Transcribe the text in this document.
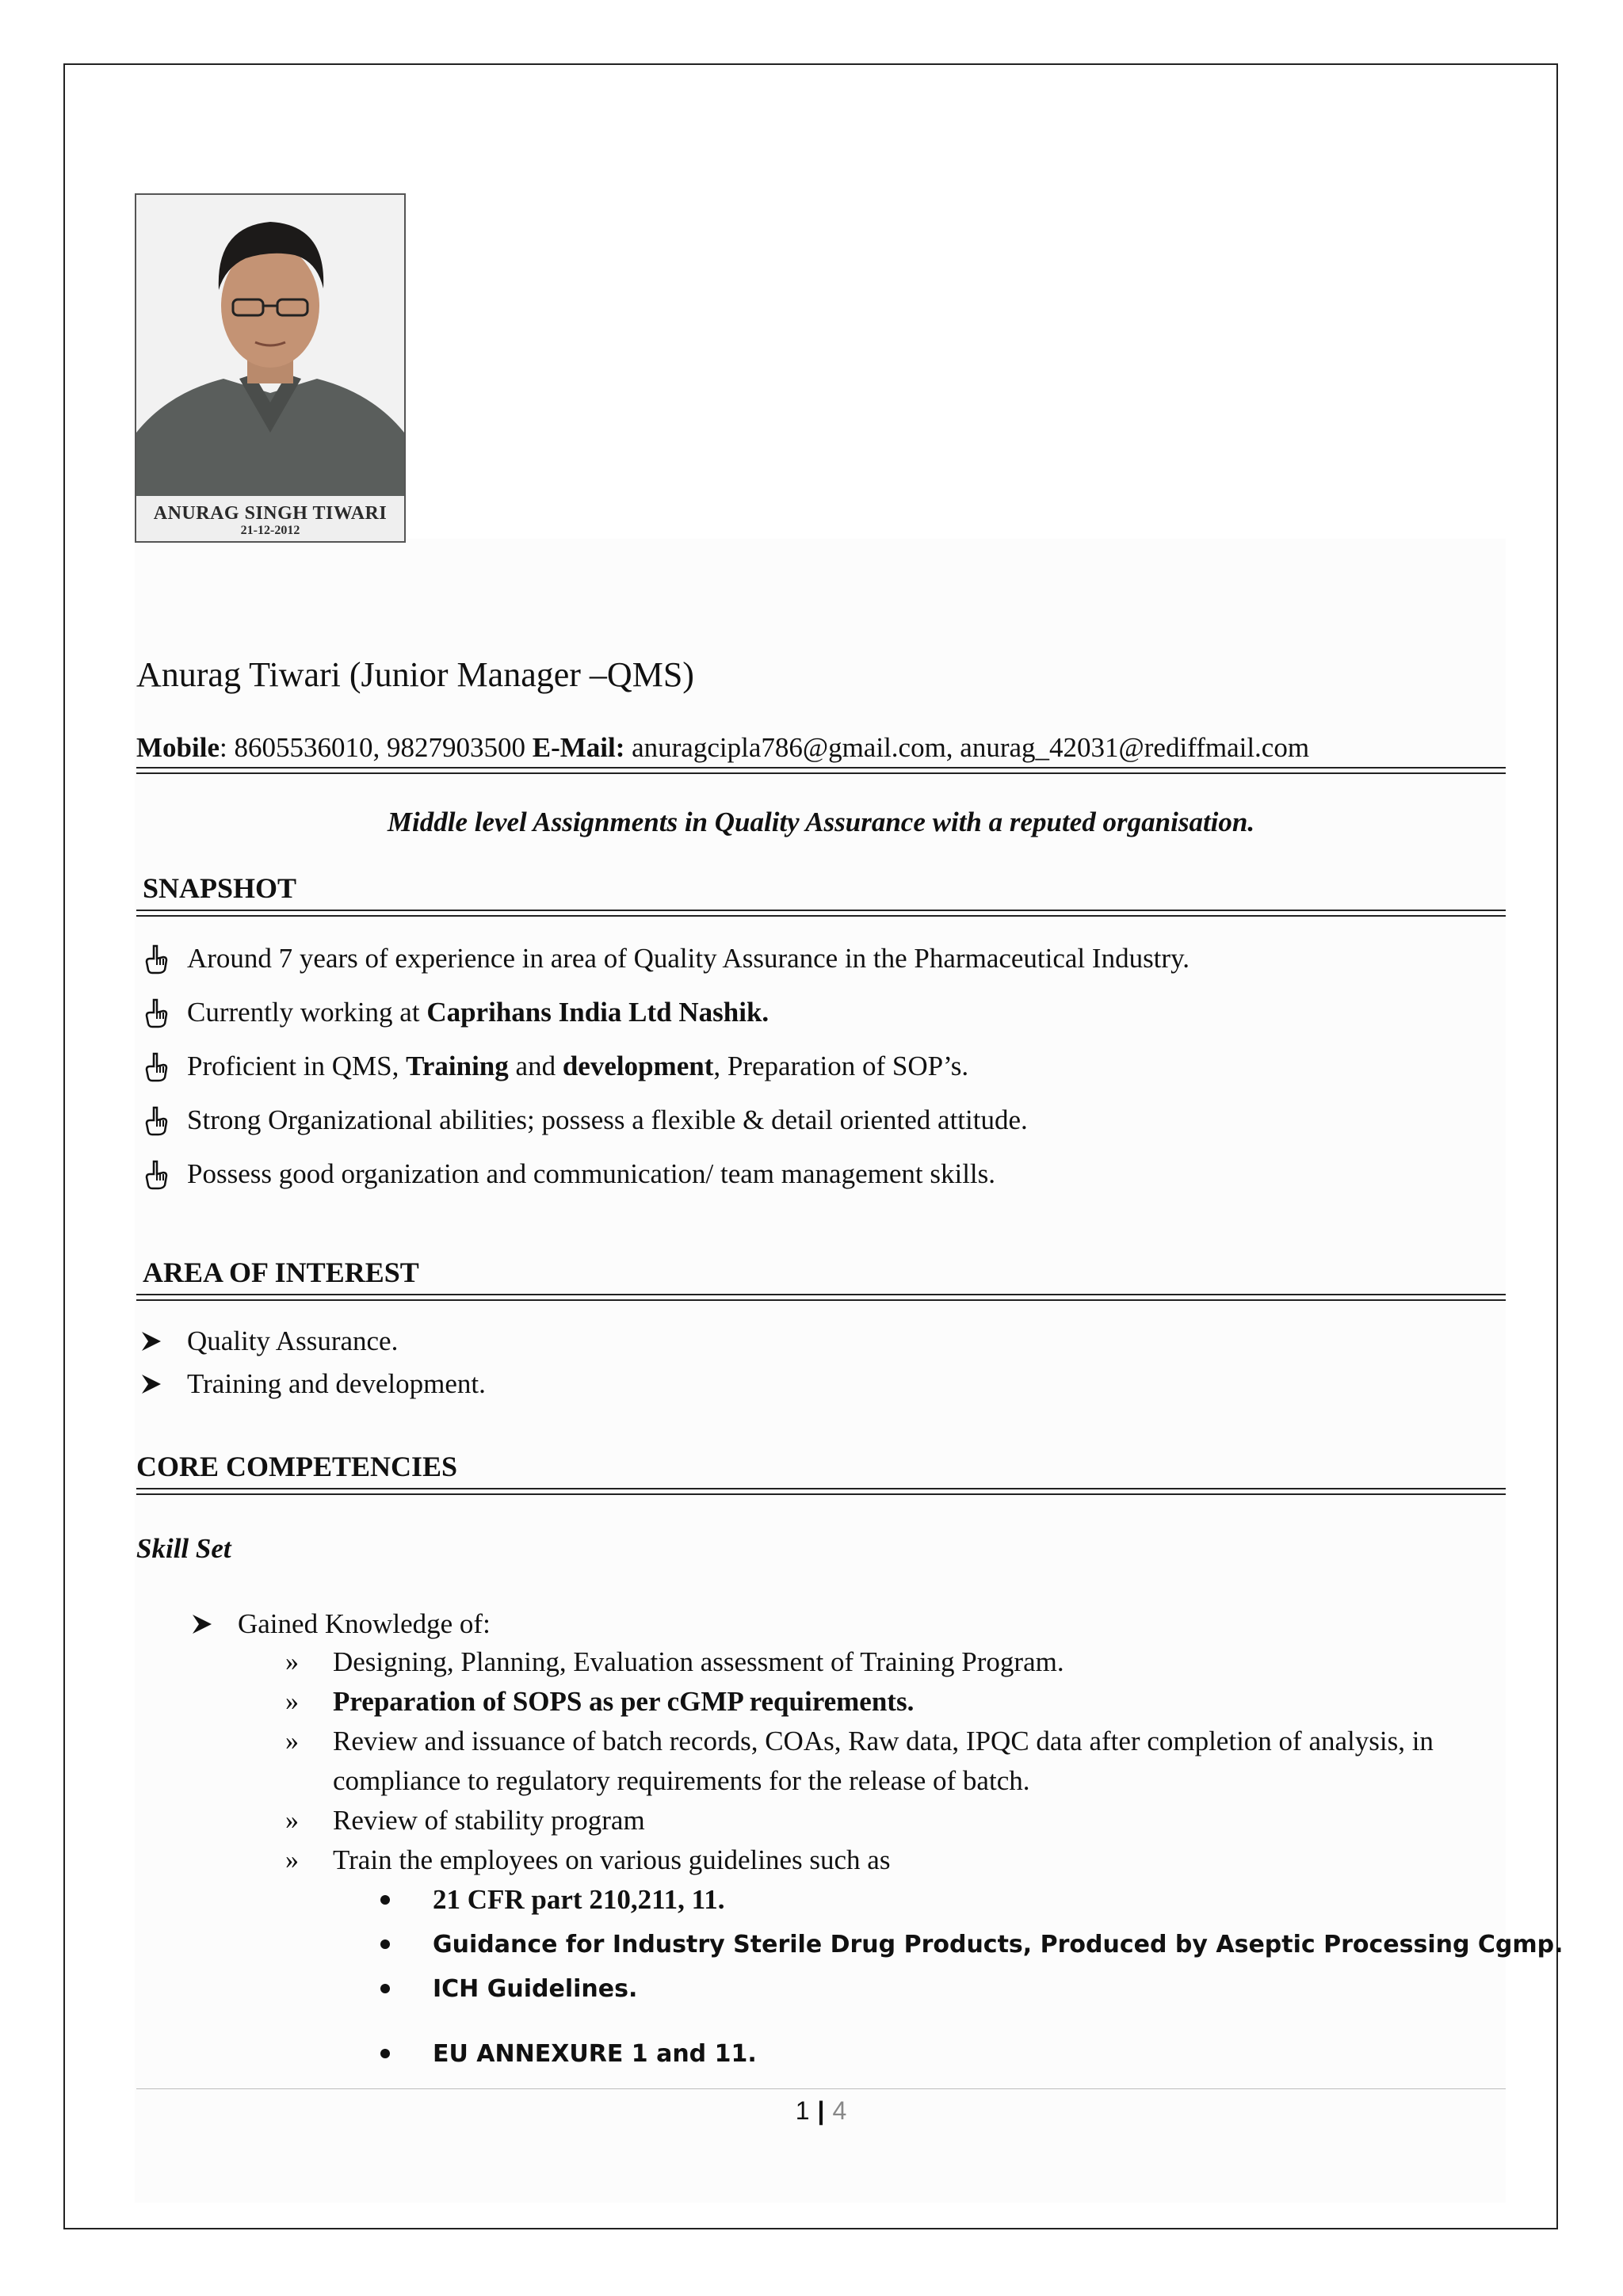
ANURAG SINGH TIWARI
21-12-2012
Anurag Tiwari (Junior Manager –QMS)
Mobile: 8605536010, 9827903500 E-Mail: anuragcipla786@gmail.com, anurag_42031@rediffmail.com
Middle level Assignments in Quality Assurance with a reputed organisation.
SNAPSHOT
Around 7 years of experience in area of Quality Assurance in the Pharmaceutical Industry.
Currently working at Caprihans India Ltd Nashik.
Proficient in QMS, Training and development, Preparation of SOP’s.
Strong Organizational abilities; possess a flexible & detail oriented attitude.
Possess good organization and communication/ team management skills.
AREA OF INTEREST
Quality Assurance.
Training and development.
CORE COMPETENCIES
Skill Set
Gained Knowledge of:
» Designing, Planning, Evaluation assessment of Training Program.
» Preparation of SOPS as per cGMP requirements.
» Review and issuance of batch records, COAs, Raw data, IPQC data after completion of analysis, in compliance to regulatory requirements for the release of batch.
» Review of stability program
» Train the employees on various guidelines such as
21 CFR part 210,211, 11.
Guidance for Industry Sterile Drug Products, Produced by Aseptic Processing Cgmp.
ICH Guidelines.
EU ANNEXURE 1 and 11.
1 | 4
